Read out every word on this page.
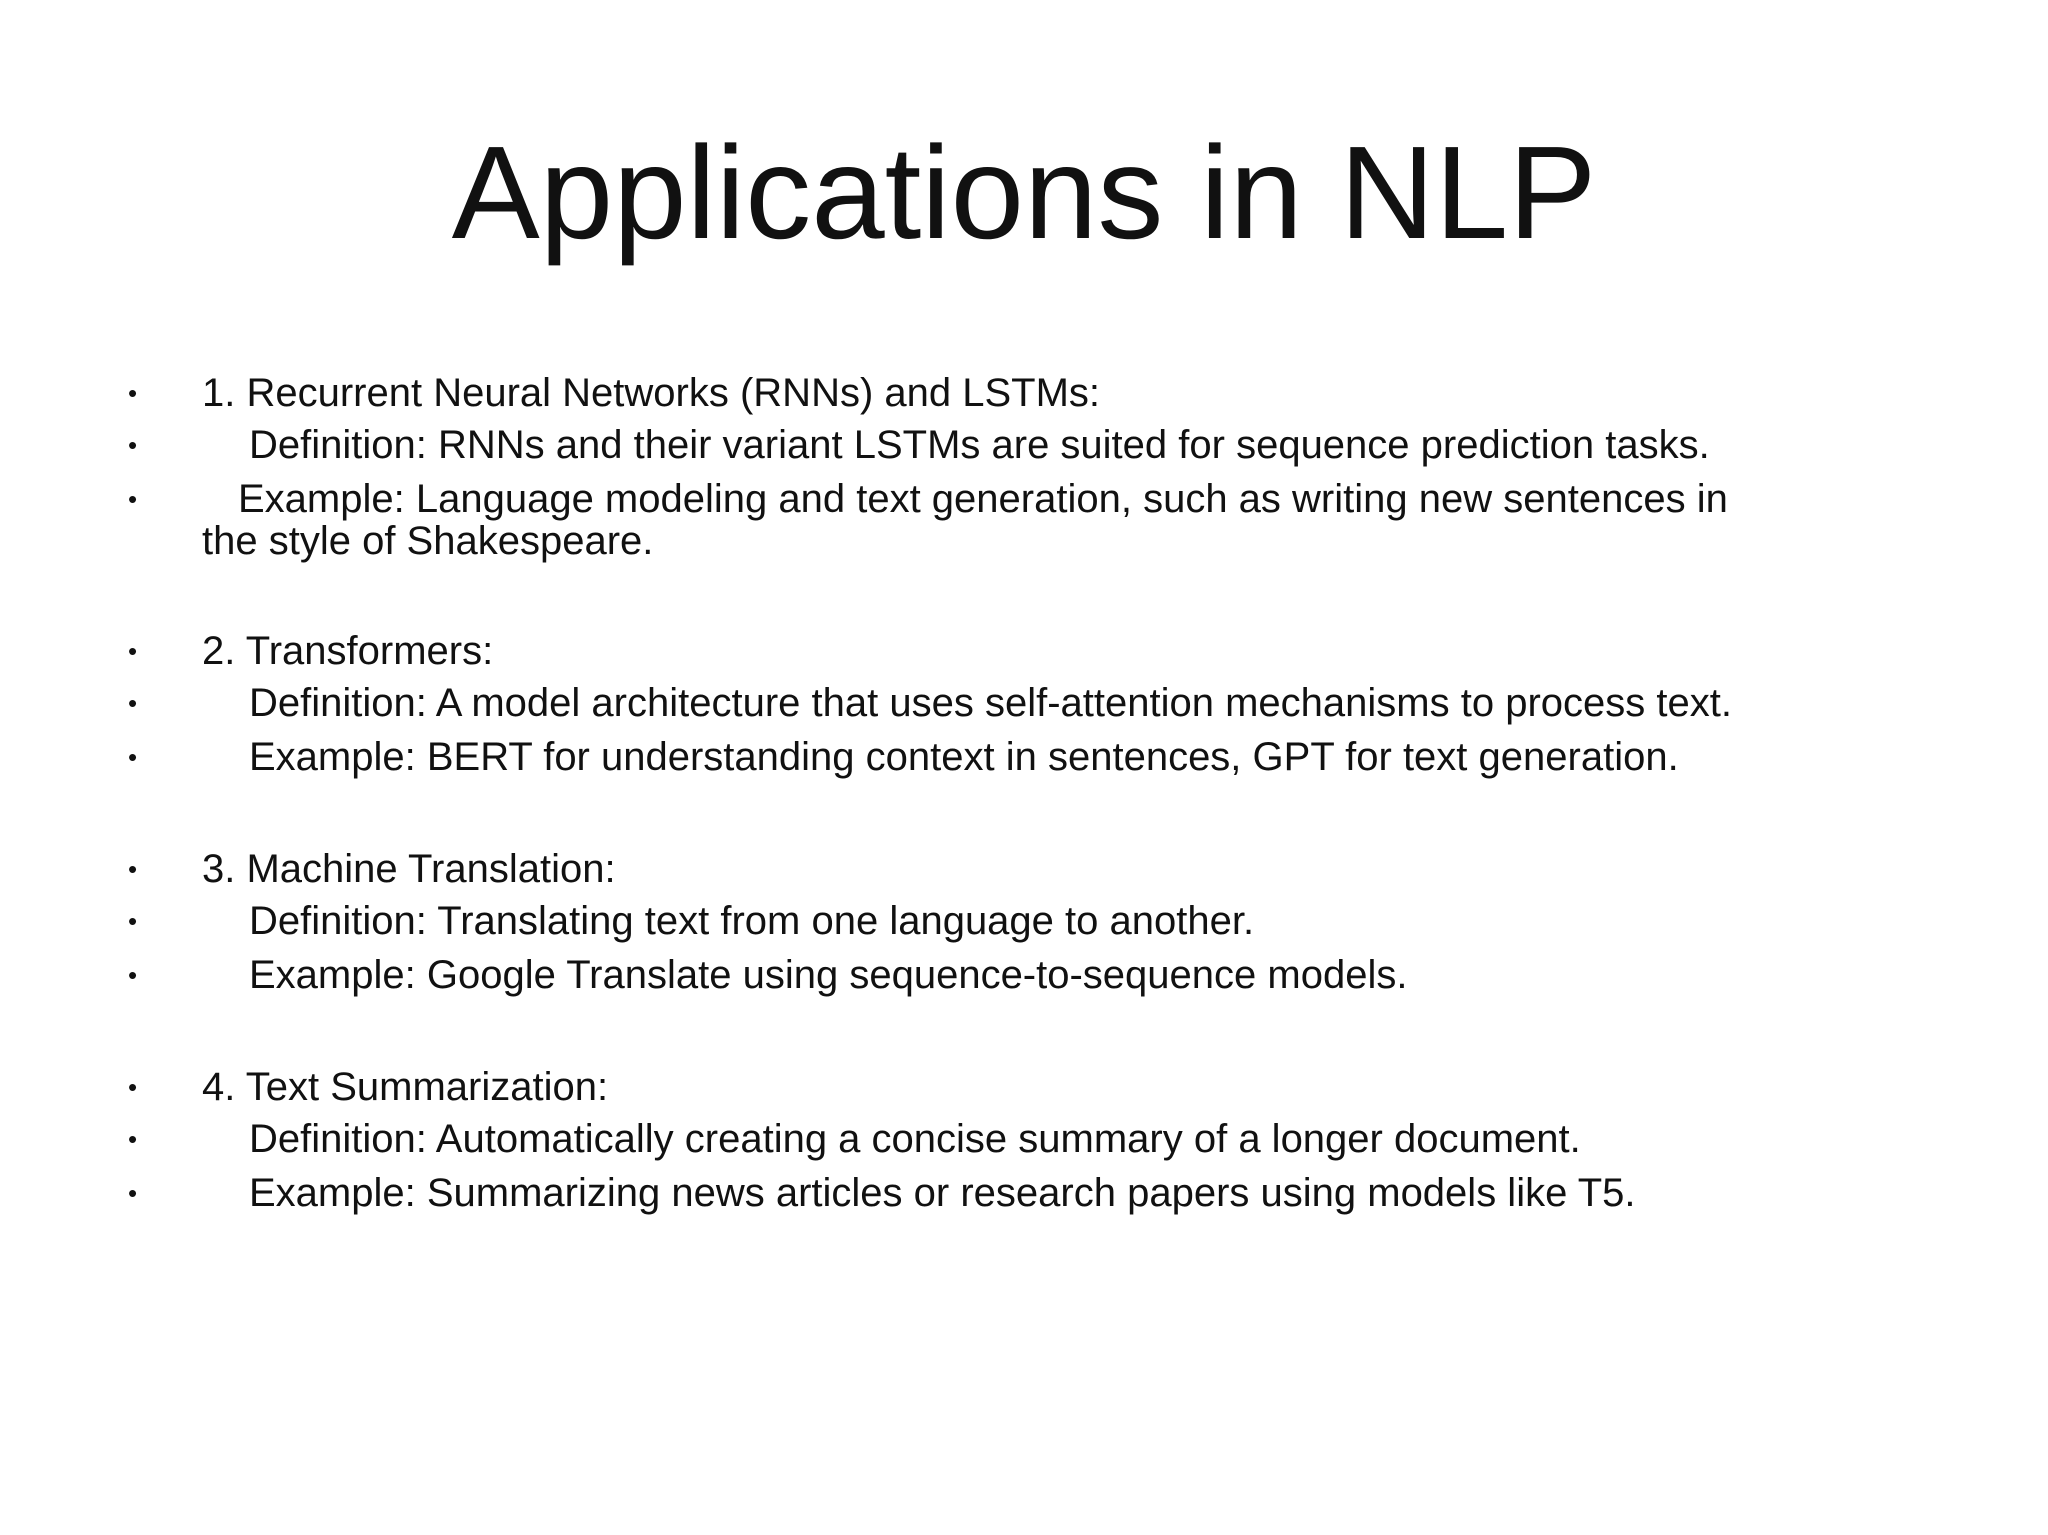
Applications in NLP
• 1. Recurrent Neural Networks (RNNs) and LSTMs:
•	Definition: RNNs and their variant LSTMs are suited for sequence prediction tasks.
•	Example: Language modeling and text generation, such as writing new sentences in
the style of Shakespeare.
• 2. Transformers:
•	Definition: A model architecture that uses self-attention mechanisms to process text.
•	Example: BERT for understanding context in sentences, GPT for text generation.
• 3. Machine Translation:
•	Definition: Translating text from one language to another.
•	Example: Google Translate using sequence-to-sequence models.
• 4. Text Summarization:
•	Definition: Automatically creating a concise summary of a longer document.
•	Example: Summarizing news articles or research papers using models like T5.
